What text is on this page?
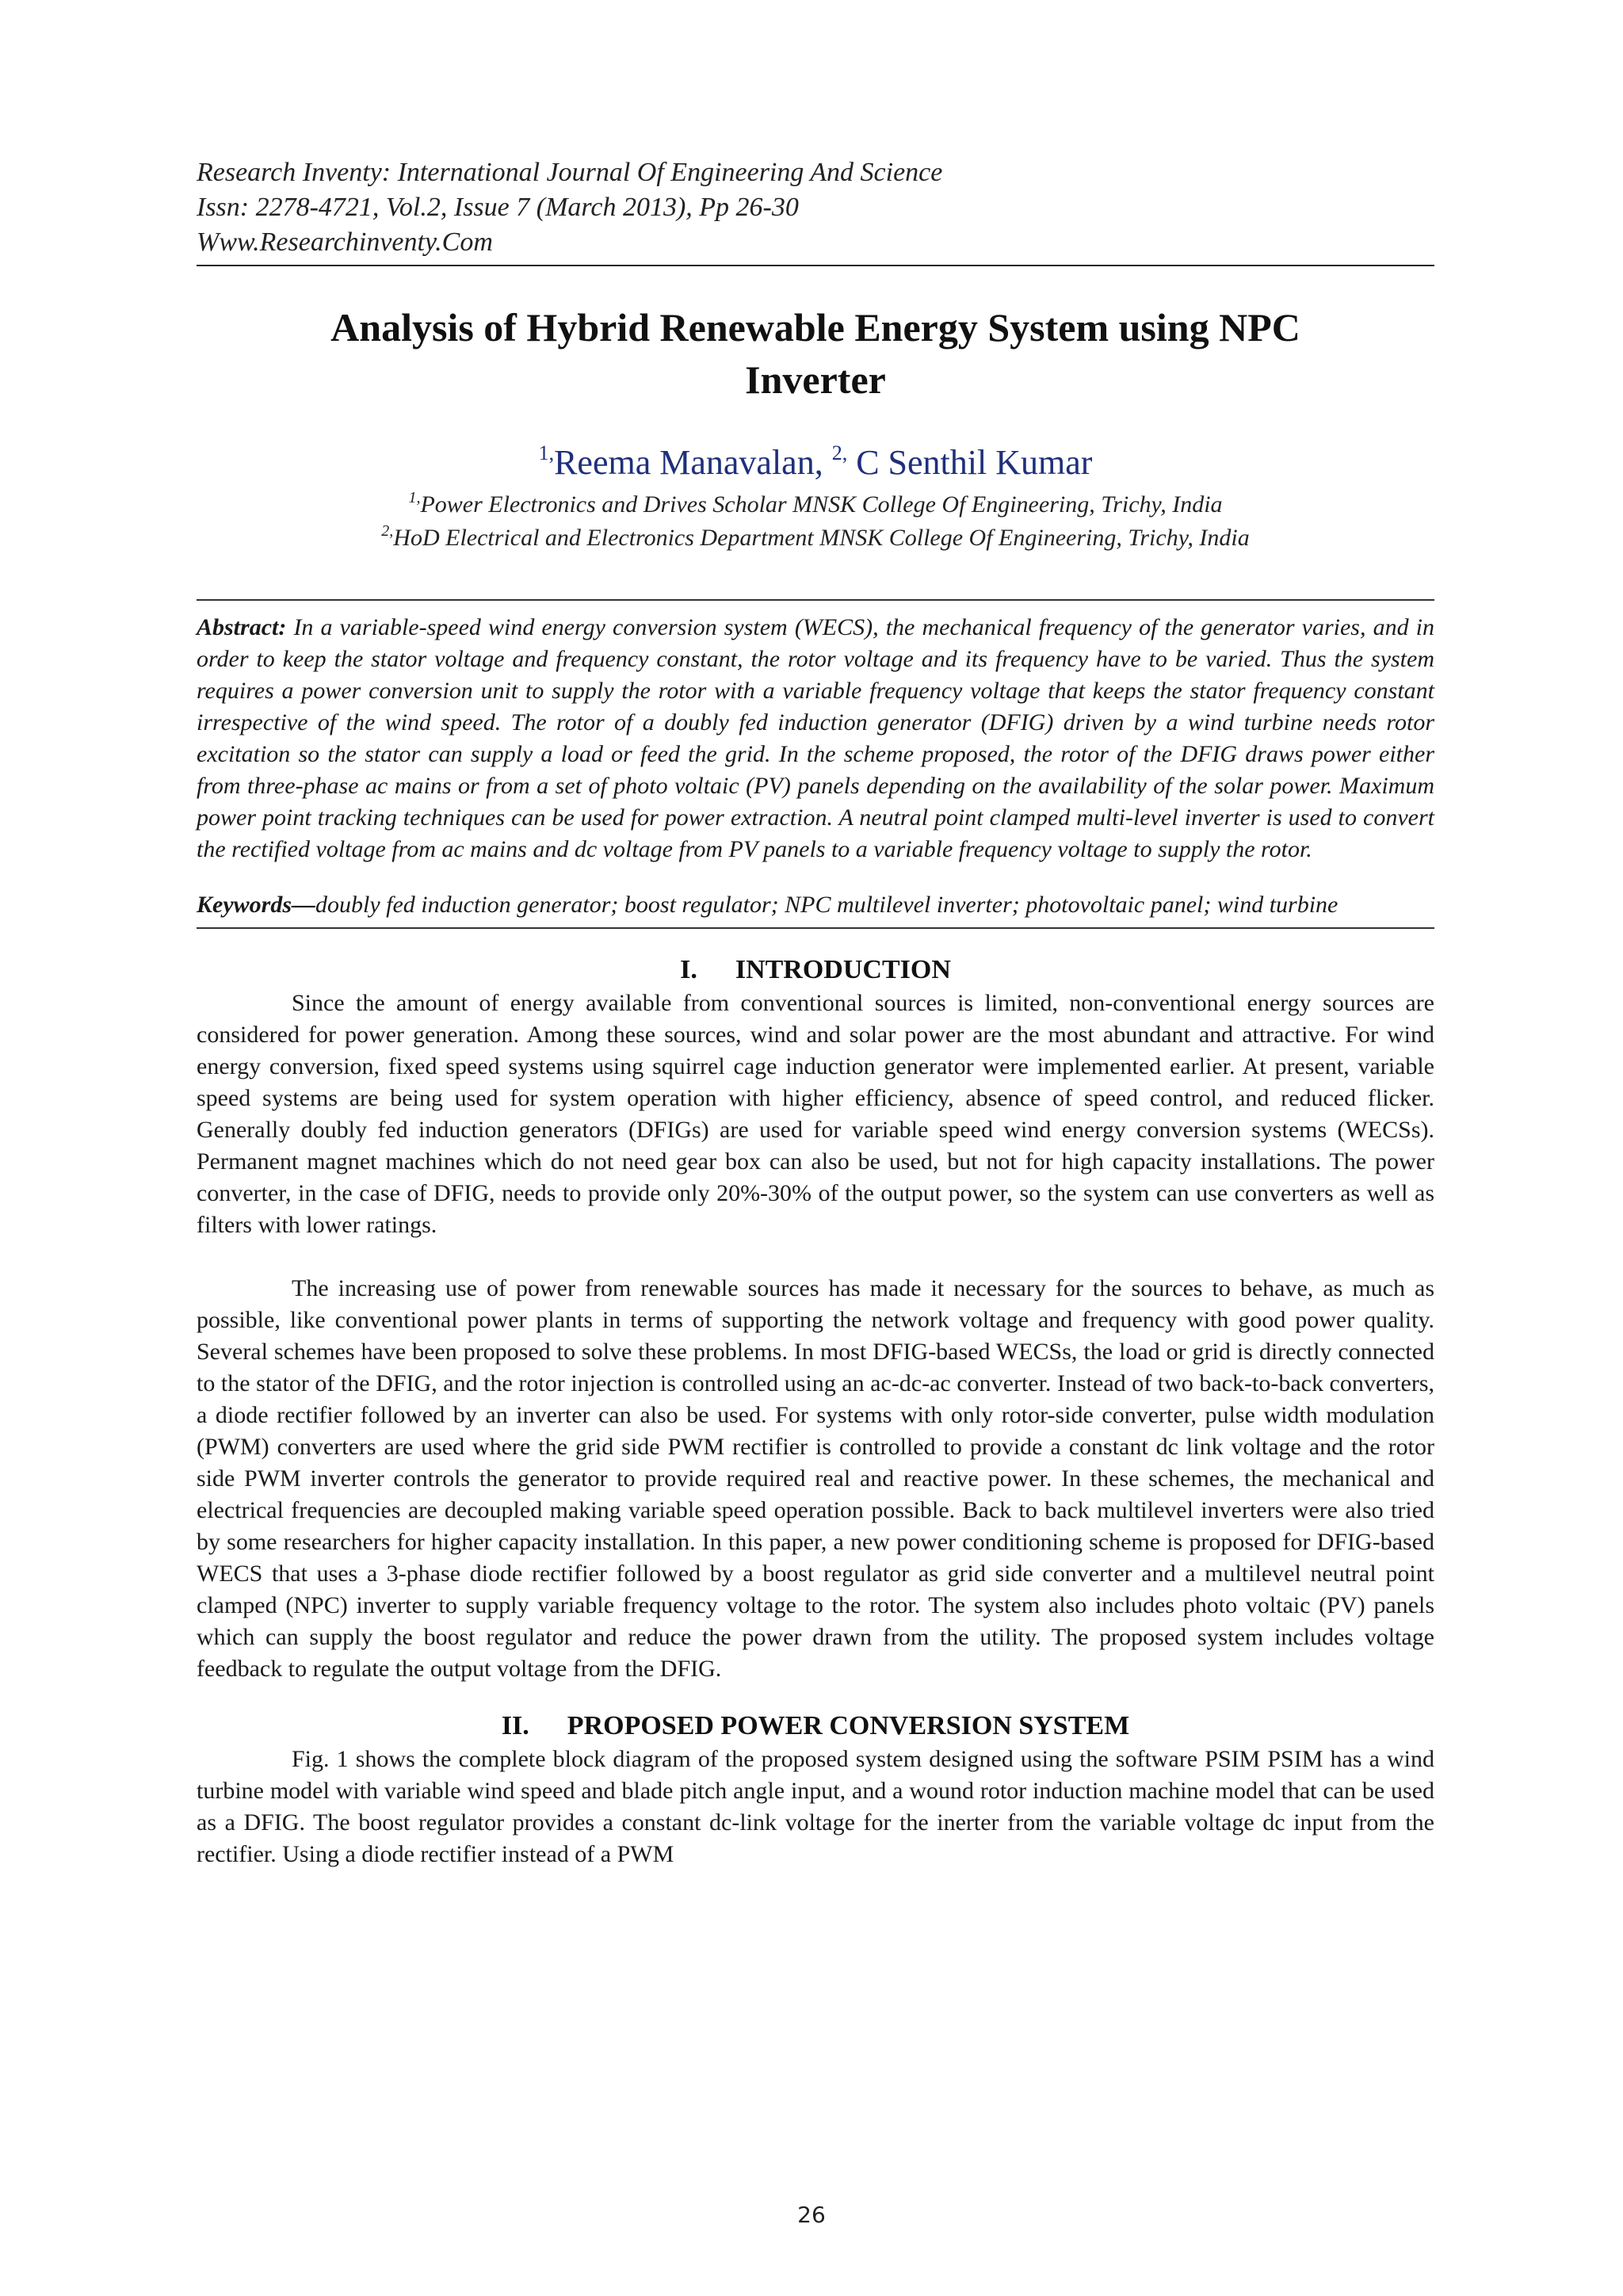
Research Inventy: International Journal Of Engineering And Science
Issn: 2278-4721, Vol.2, Issue 7 (March 2013), Pp 26-30
Www.Researchinventy.Com
Analysis of Hybrid Renewable Energy System using NPC
Inverter
$^{1,}$Reema Manavalan, $^{2,}$ C Senthil Kumar
$^{1,}$Power Electronics and Drives Scholar MNSK College Of Engineering, Trichy, India
$^{2,}$HoD Electrical and Electronics Department MNSK College Of Engineering, Trichy, India
Abstract: In a variable-speed wind energy conversion system (WECS), the mechanical frequency of the generator varies, and in order to keep the stator voltage and frequency constant, the rotor voltage and its frequency have to be varied. Thus the system requires a power conversion unit to supply the rotor with a variable frequency voltage that keeps the stator frequency constant irrespective of the wind speed. The rotor of a doubly fed induction generator (DFIG) driven by a wind turbine needs rotor excitation so the stator can supply a load or feed the grid. In the scheme proposed, the rotor of the DFIG draws power either from three-phase ac mains or from a set of photo voltaic (PV) panels depending on the availability of the solar power. Maximum power point tracking techniques can be used for power extraction. A neutral point clamped multi-level inverter is used to convert the rectified voltage from ac mains and dc voltage from PV panels to a variable frequency voltage to supply the rotor.
Keywords—doubly fed induction generator; boost regulator; NPC multilevel inverter; photovoltaic panel; wind turbine
I. INTRODUCTION

Since the amount of energy available from conventional sources is limited, non-conventional energy sources are considered for power generation. Among these sources, wind and solar power are the most abundant and attractive. For wind energy conversion, fixed speed systems using squirrel cage induction generator were implemented earlier. At present, variable speed systems are being used for system operation with higher efficiency, absence of speed control, and reduced flicker. Generally doubly fed induction generators (DFIGs) are used for variable speed wind energy conversion systems (WECSs). Permanent magnet machines which do not need gear box can also be used, but not for high capacity installations. The power converter, in the case of DFIG, needs to provide only 20%-30% of the output power, so the system can use converters as well as filters with lower ratings.

The increasing use of power from renewable sources has made it necessary for the sources to behave, as much as possible, like conventional power plants in terms of supporting the network voltage and frequency with good power quality. Several schemes have been proposed to solve these problems. In most DFIG-based WECSs, the load or grid is directly connected to the stator of the DFIG, and the rotor injection is controlled using an ac-dc-ac converter. Instead of two back-to-back converters, a diode rectifier followed by an inverter can also be used. For systems with only rotor-side converter, pulse width modulation (PWM) converters are used where the grid side PWM rectifier is controlled to provide a constant dc link voltage and the rotor side PWM inverter controls the generator to provide required real and reactive power. In these schemes, the mechanical and electrical frequencies are decoupled making variable speed operation possible. Back to back multilevel inverters were also tried by some researchers for higher capacity installation. In this paper, a new power conditioning scheme is proposed for DFIG-based WECS that uses a 3-phase diode rectifier followed by a boost regulator as grid side converter and a multilevel neutral point clamped (NPC) inverter to supply variable frequency voltage to the rotor. The system also includes photo voltaic (PV) panels which can supply the boost regulator and reduce the power drawn from the utility. The proposed system includes voltage feedback to regulate the output voltage from the DFIG.

II. PROPOSED POWER CONVERSION SYSTEM

Fig. 1 shows the complete block diagram of the proposed system designed using the software PSIM PSIM has a wind turbine model with variable wind speed and blade pitch angle input, and a wound rotor induction machine model that can be used as a DFIG. The boost regulator provides a constant dc-link voltage for the inerter from the variable voltage dc input from the rectifier. Using a diode rectifier instead of a PWM

26
